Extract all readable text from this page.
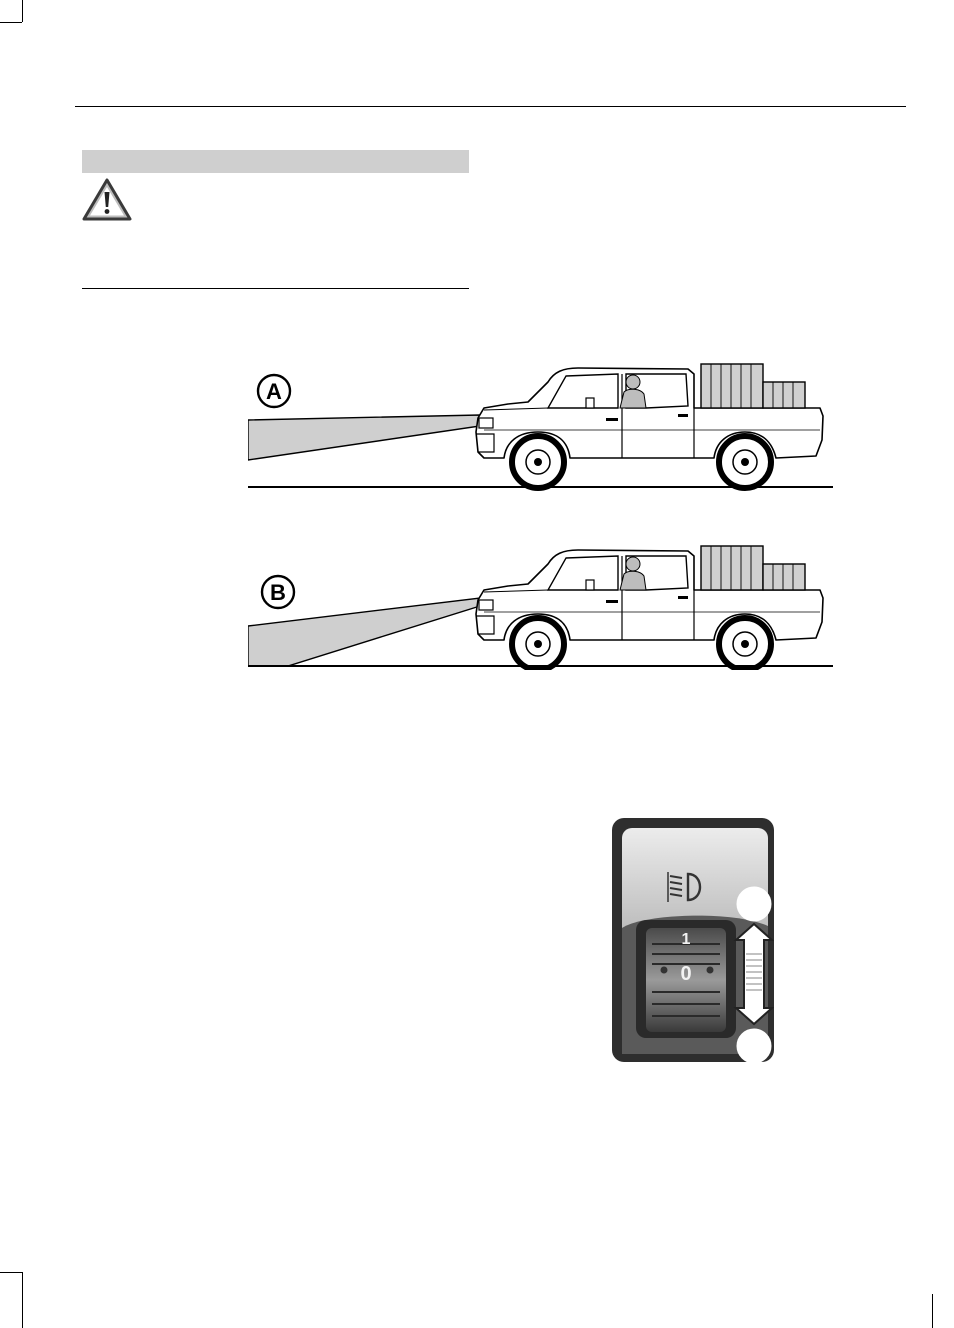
A
B
1
0
